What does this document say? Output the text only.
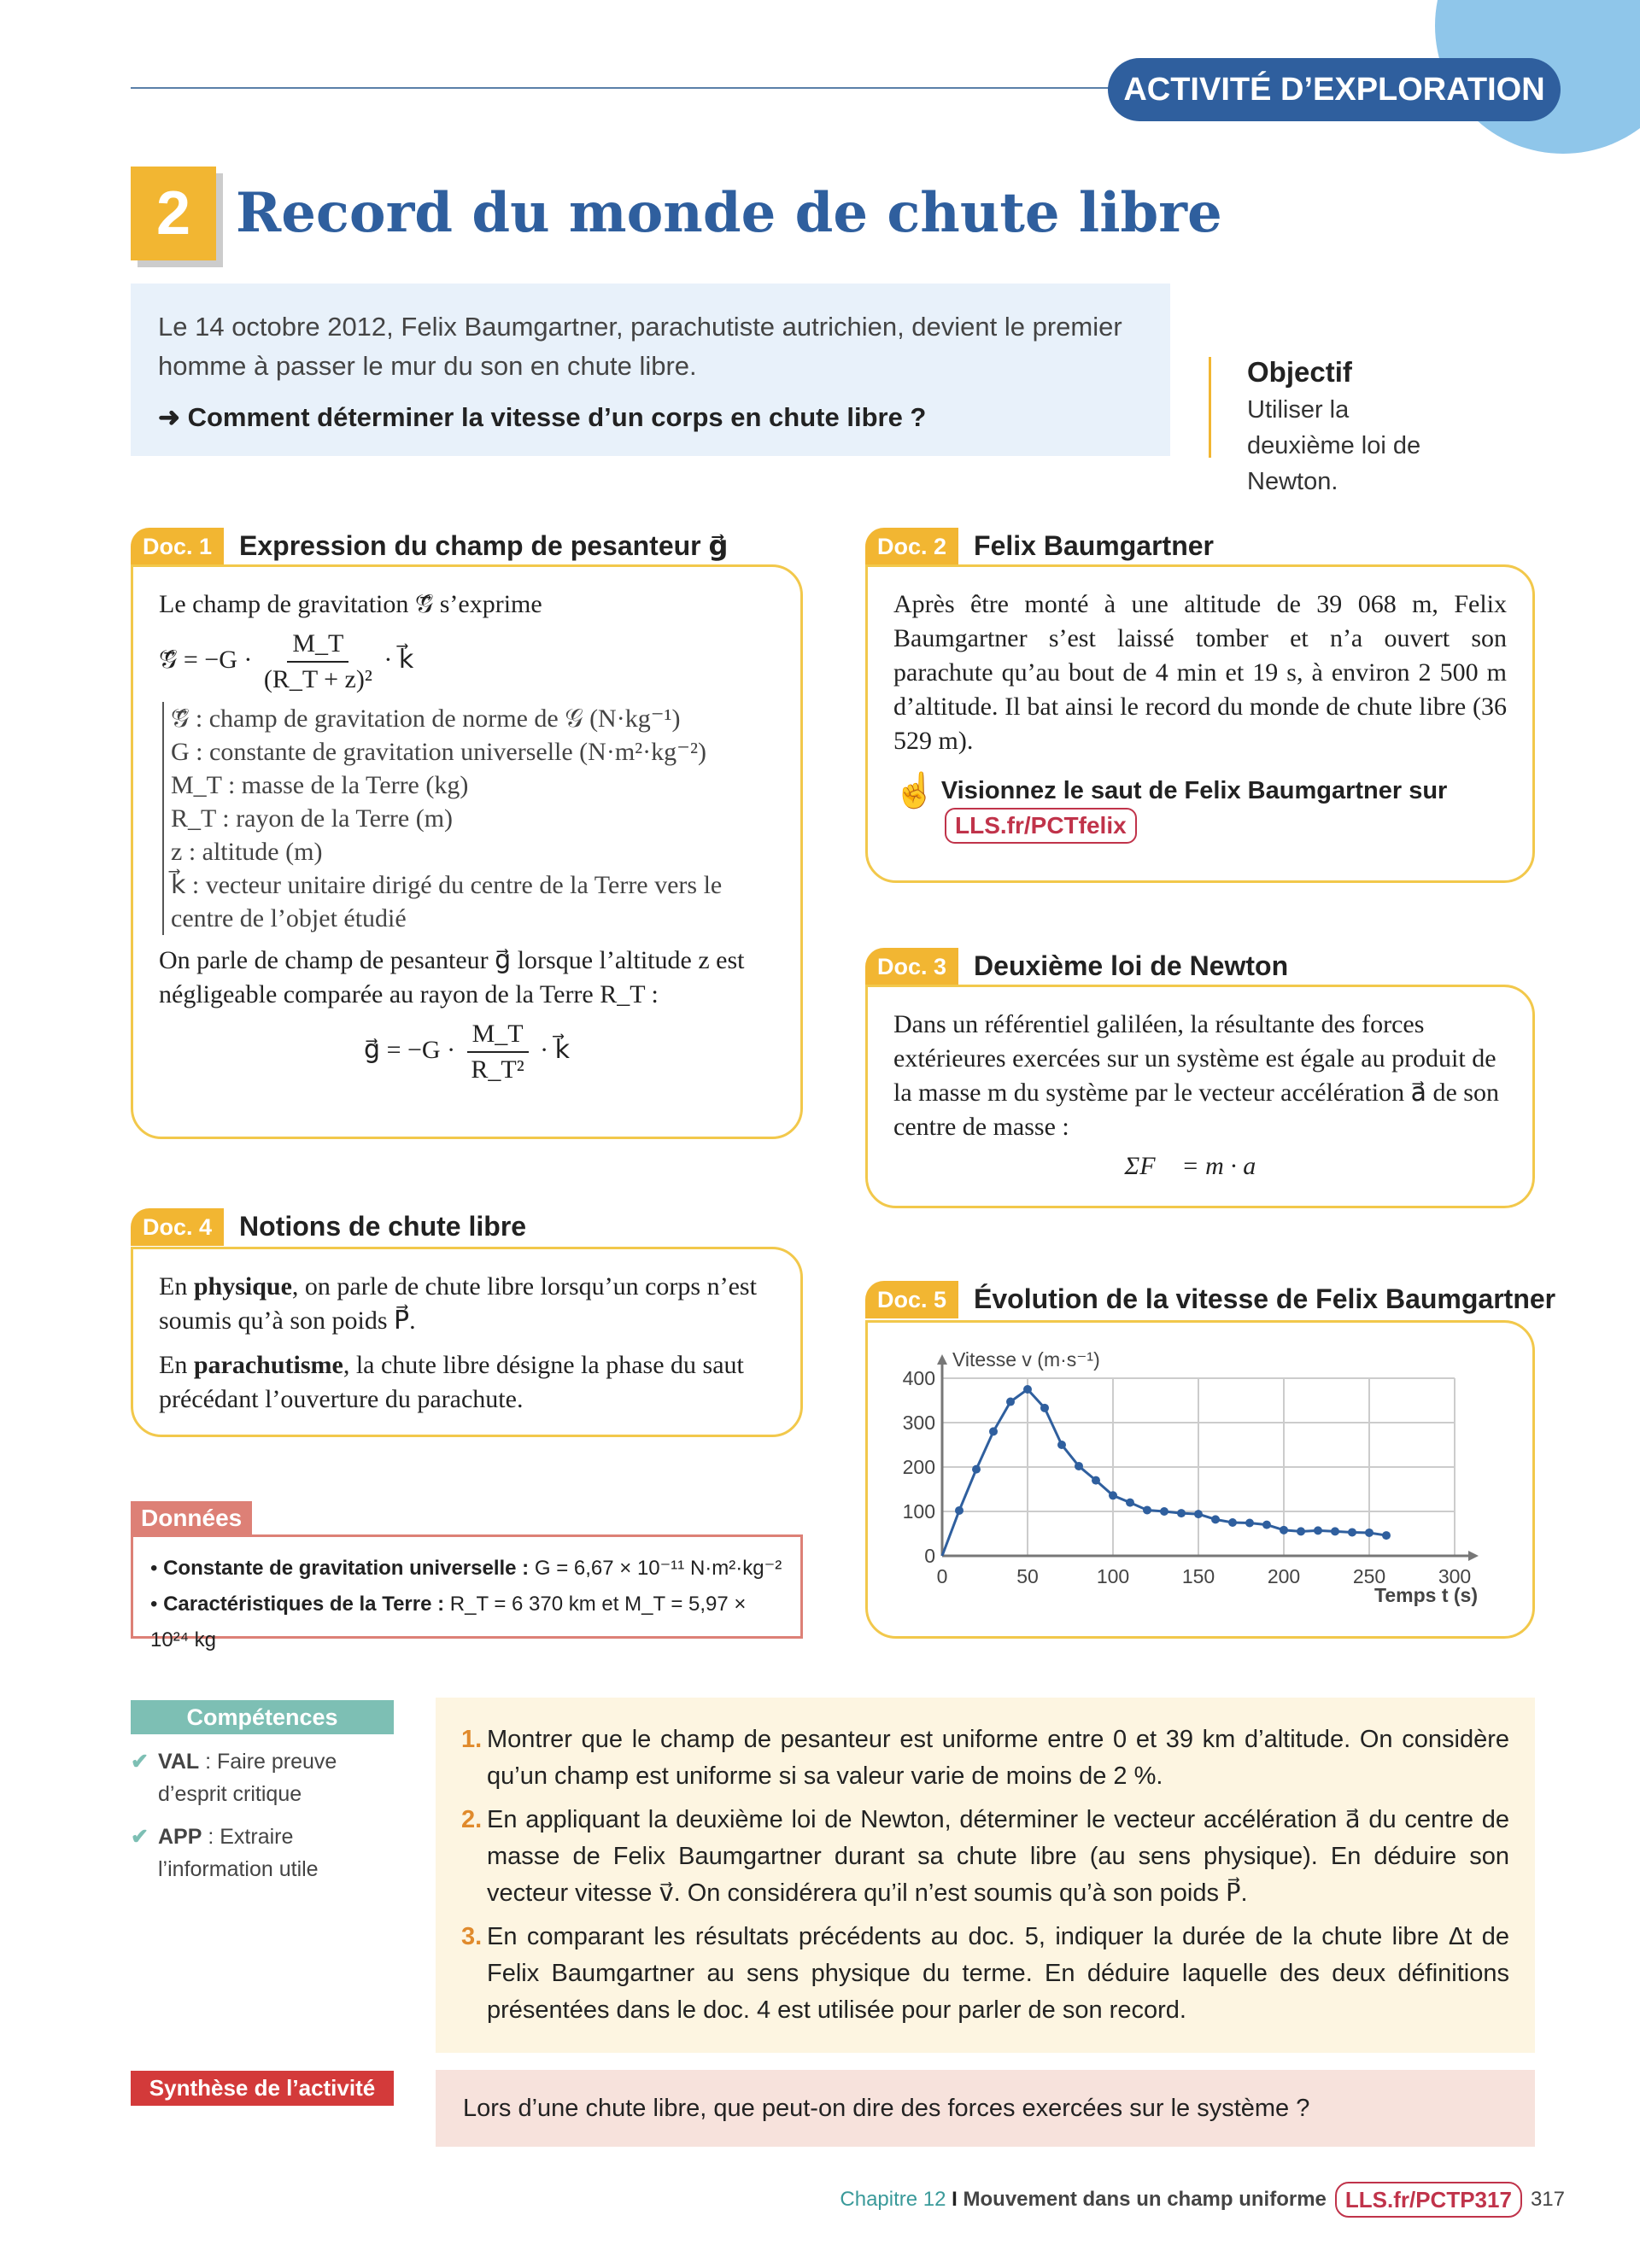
ACTIVITÉ D’EXPLORATION
2 Record du monde de chute libre
Le 14 octobre 2012, Felix Baumgartner, parachutiste autrichien, devient le premier homme à passer le mur du son en chute libre.
➜ Comment déterminer la vitesse d’un corps en chute libre ?
Objectif
Utiliser la deuxième loi de Newton.
Doc. 1	Expression du champ de pesanteur g⃗

Le champ de gravitation 𝒢⃗ s’exprime

𝒢⃗ = $-G \cdot \frac{M\_T}{\text{(R\_T + z)²}}$ · k⃗
𝒢⃗ : champ de gravitation de norme de 𝒢 (N·kg⁻¹)
G : constante de gravitation universelle (N·m²·kg⁻²)
M_T : masse de la Terre (kg)
R_T : rayon de la Terre (m)
z : altitude (m)
k⃗ : vecteur unitaire dirigé du centre de la Terre vers le centre de l’objet étudié

On parle de champ de pesanteur g⃗ lorsque l’altitude z est négligeable comparée au rayon de la Terre R_T :

g⃗ = $-G \cdot \frac{M\_T}{\text{R\_T²}}$ · k⃗
Doc. 2	Felix Baumgartner

Après être monté à une altitude de 39 068 m, Felix Baumgartner s’est laissé tomber et n’a ouvert son parachute qu’au bout de 4 min et 19 s, à environ 2 500 m d’altitude. Il bat ainsi le record du monde de chute libre (36 529 m).

☝ Visionnez le saut de Felix Baumgartner sur
LLS.fr/PCTfelix
Doc. 3	Deuxième loi de Newton

Dans un référentiel galiléen, la résultante des forces extérieures exercées sur un système est égale au produit de la masse m du système par le vecteur accélération a⃗ de son centre de masse :

ΣF⃗ = m · a⃗
Doc. 4	Notions de chute libre

En physique, on parle de chute libre lorsqu’un corps n’est soumis qu’à son poids P⃗.

En parachutisme, la chute libre désigne la phase du saut précédant l’ouverture du parachute.

Données
• Constante de gravitation universelle : G = 6,67 × 10⁻¹¹ N·m²·kg⁻²
• Caractéristiques de la Terre : R_T = 6 370 km et M_T = 5,97 × 10²⁴ kg
Doc. 5	Évolution de la vitesse de Felix Baumgartner
0	50	100	150	200	250	300
0
100
200
300
400
Vitesse v (m·s⁻¹)
Temps t (s)
Compétences
✔ VAL : Faire preuve d’esprit critique
✔ APP : Extraire l’information utile
1. Montrer que le champ de pesanteur est uniforme entre 0 et 39 km d’altitude. On considère qu’un champ est uniforme si sa valeur varie de moins de 2 %.
2. En appliquant la deuxième loi de Newton, déterminer le vecteur accélération a⃗ du centre de masse de Felix Baumgartner durant sa chute libre (au sens physique). En déduire son vecteur vitesse v⃗. On considérera qu’il n’est soumis qu’à son poids P⃗.
3. En comparant les résultats précédents au doc. 5, indiquer la durée de la chute libre Δt de Felix Baumgartner au sens physique du terme. En déduire laquelle des deux définitions présentées dans le doc. 4 est utilisée pour parler de son record.
Synthèse de l’activité
Lors d’une chute libre, que peut-on dire des forces exercées sur le système ?
Chapitre 12 I Mouvement dans un champ uniforme LLS.fr/PCTP317 317
